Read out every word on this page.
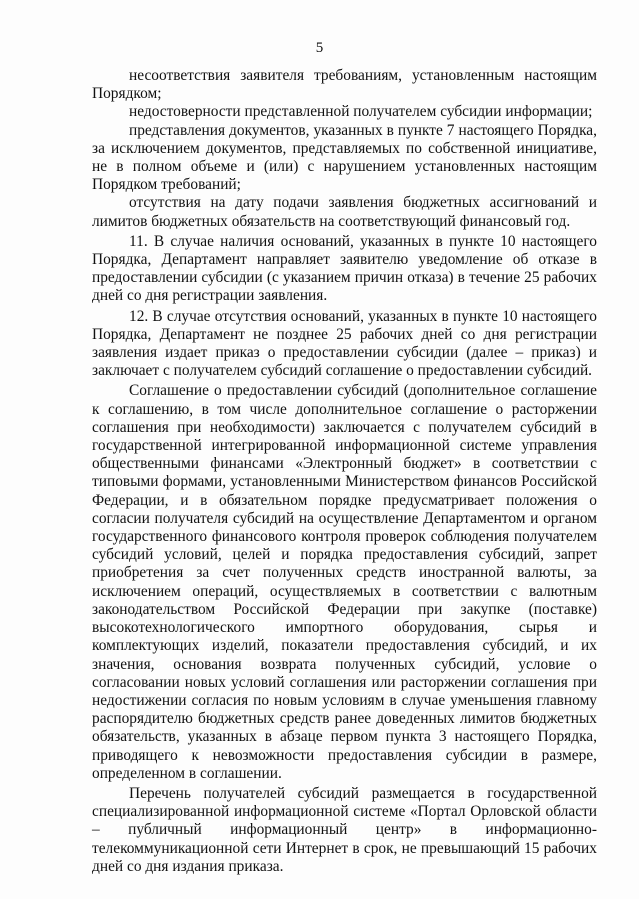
5

несоответствия заявителя требованиям, установленным настоящим Порядком;

недостоверности представленной получателем субсидии информации;

представления документов, указанных в пункте 7 настоящего Порядка, за исключением документов, представляемых по собственной инициативе, не в полном объеме и (или) с нарушением установленных настоящим Порядком требований;

отсутствия на дату подачи заявления бюджетных ассигнований и лимитов бюджетных обязательств на соответствующий финансовый год.

11. В случае наличия оснований, указанных в пункте 10 настоящего Порядка, Департамент направляет заявителю уведомление об отказе в предоставлении субсидии (с указанием причин отказа) в течение 25 рабочих дней со дня регистрации заявления.

12. В случае отсутствия оснований, указанных в пункте 10 настоящего Порядка, Департамент не позднее 25 рабочих дней со дня регистрации заявления издает приказ о предоставлении субсидии (далее – приказ) и заключает с получателем субсидий соглашение о предоставлении субсидий.

Соглашение о предоставлении субсидий (дополнительное соглашение к соглашению, в том числе дополнительное соглашение о расторжении соглашения при необходимости) заключается с получателем субсидий в государственной интегрированной информационной системе управления общественными финансами «Электронный бюджет» в соответствии с типовыми формами, установленными Министерством финансов Российской Федерации, и в обязательном порядке предусматривает положения о согласии получателя субсидий на осуществление Департаментом и органом государственного финансового контроля проверок соблюдения получателем субсидий условий, целей и порядка предоставления субсидий, запрет приобретения за счет полученных средств иностранной валюты, за исключением операций, осуществляемых в соответствии с валютным законодательством Российской Федерации при закупке (поставке) высокотехнологического импортного оборудования, сырья и комплектующих изделий, показатели предоставления субсидий, и их значения, основания возврата полученных субсидий, условие о согласовании новых условий соглашения или расторжении соглашения при недостижении согласия по новым условиям в случае уменьшения главному распорядителю бюджетных средств ранее доведенных лимитов бюджетных обязательств, указанных в абзаце первом пункта 3 настоящего Порядка, приводящего к невозможности предоставления субсидии в размере, определенном в соглашении.

Перечень получателей субсидий размещается в государственной специализированной информационной системе «Портал Орловской области – публичный информационный центр» в информационно-телекоммуникационной сети Интернет в срок, не превышающий 15 рабочих дней со дня издания приказа.
